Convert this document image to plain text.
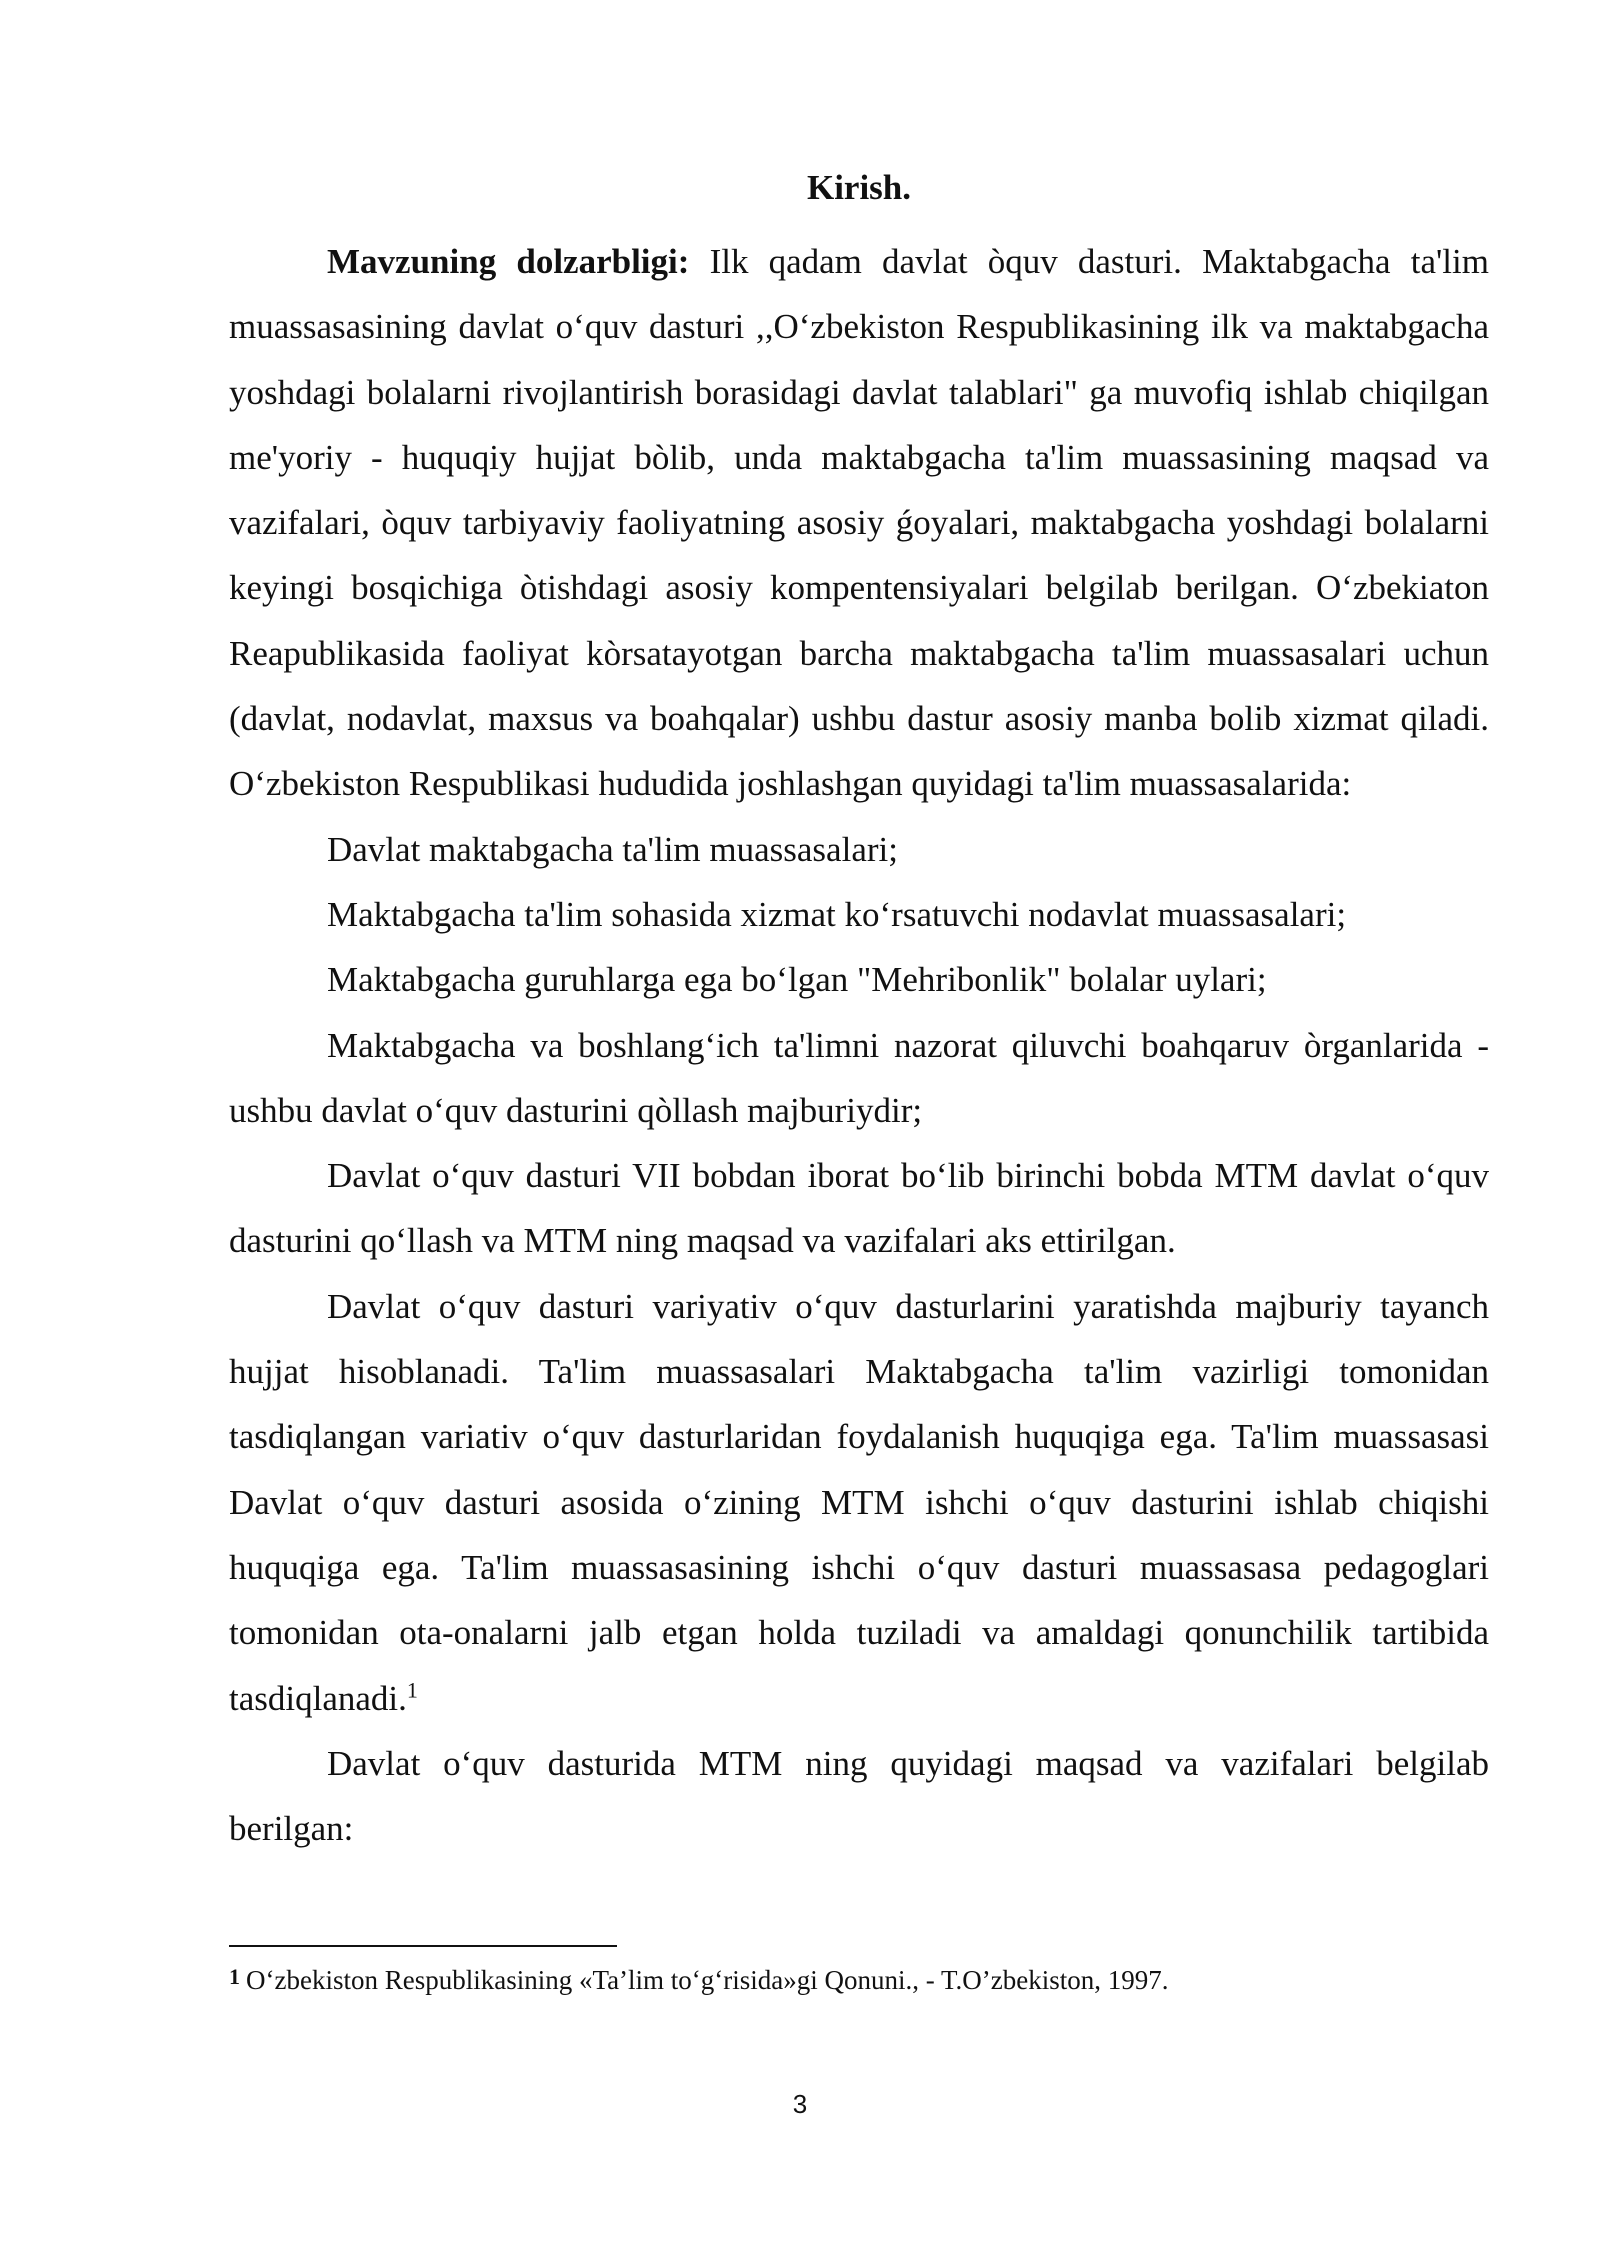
Kirish.

Mavzuning dolzarbligi: Ilk qadam davlat òquv dasturi. Maktabgacha ta'lim muassasasining davlat o‘quv dasturi ,,O‘zbekiston Respublikasining ilk va maktabgacha yoshdagi bolalarni rivojlantirish borasidagi davlat talablari" ga muvofiq ishlab chiqilgan me'yoriy - huquqiy hujjat bòlib, unda maktabgacha ta'lim muassasining maqsad va vazifalari, òquv tarbiyaviy faoliyatning asosiy ǵoyalari, maktabgacha yoshdagi bolalarni keyingi bosqichiga òtishdagi asosiy kompentensiyalari belgilab berilgan. O‘zbekiaton Reapublikasida faoliyat kòrsatayotgan barcha maktabgacha ta'lim muassasalari uchun (davlat, nodavlat, maxsus va boahqalar) ushbu dastur asosiy manba bolib xizmat qiladi. O‘zbekiston Respublikasi hududida joshlashgan quyidagi ta'lim muassasalarida:

Davlat maktabgacha ta'lim muassasalari;

Maktabgacha ta'lim sohasida xizmat ko‘rsatuvchi nodavlat muassasalari;

Maktabgacha guruhlarga ega bo‘lgan "Mehribonlik" bolalar uylari;

Maktabgacha va boshlang‘ich ta'limni nazorat qiluvchi boahqaruv òrganlarida - ushbu davlat o‘quv dasturini qòllash majburiydir;

Davlat o‘quv dasturi VII bobdan iborat bo‘lib birinchi bobda MTM davlat o‘quv dasturini qo‘llash va MTM ning maqsad va vazifalari aks ettirilgan.

Davlat o‘quv dasturi variyativ o‘quv dasturlarini yaratishda majburiy tayanch hujjat hisoblanadi. Ta'lim muassasalari Maktabgacha ta'lim vazirligi tomonidan tasdiqlangan variativ o‘quv dasturlaridan foydalanish huquqiga ega. Ta'lim muassasasi Davlat o‘quv dasturi asosida o‘zining MTM ishchi o‘quv dasturini ishlab chiqishi huquqiga ega. Ta'lim muassasasining ishchi o‘quv dasturi muassasasa pedagoglari tomonidan ota-onalarni jalb etgan holda tuziladi va amaldagi qonunchilik tartibida tasdiqlanadi.$^1$

Davlat o‘quv dasturida MTM ning quyidagi maqsad va vazifalari belgilab berilgan:

1 O‘zbekiston Respublikasining «Ta’lim to‘g‘risida»gi Qonuni., - T.O’zbekiston, 1997.

3
